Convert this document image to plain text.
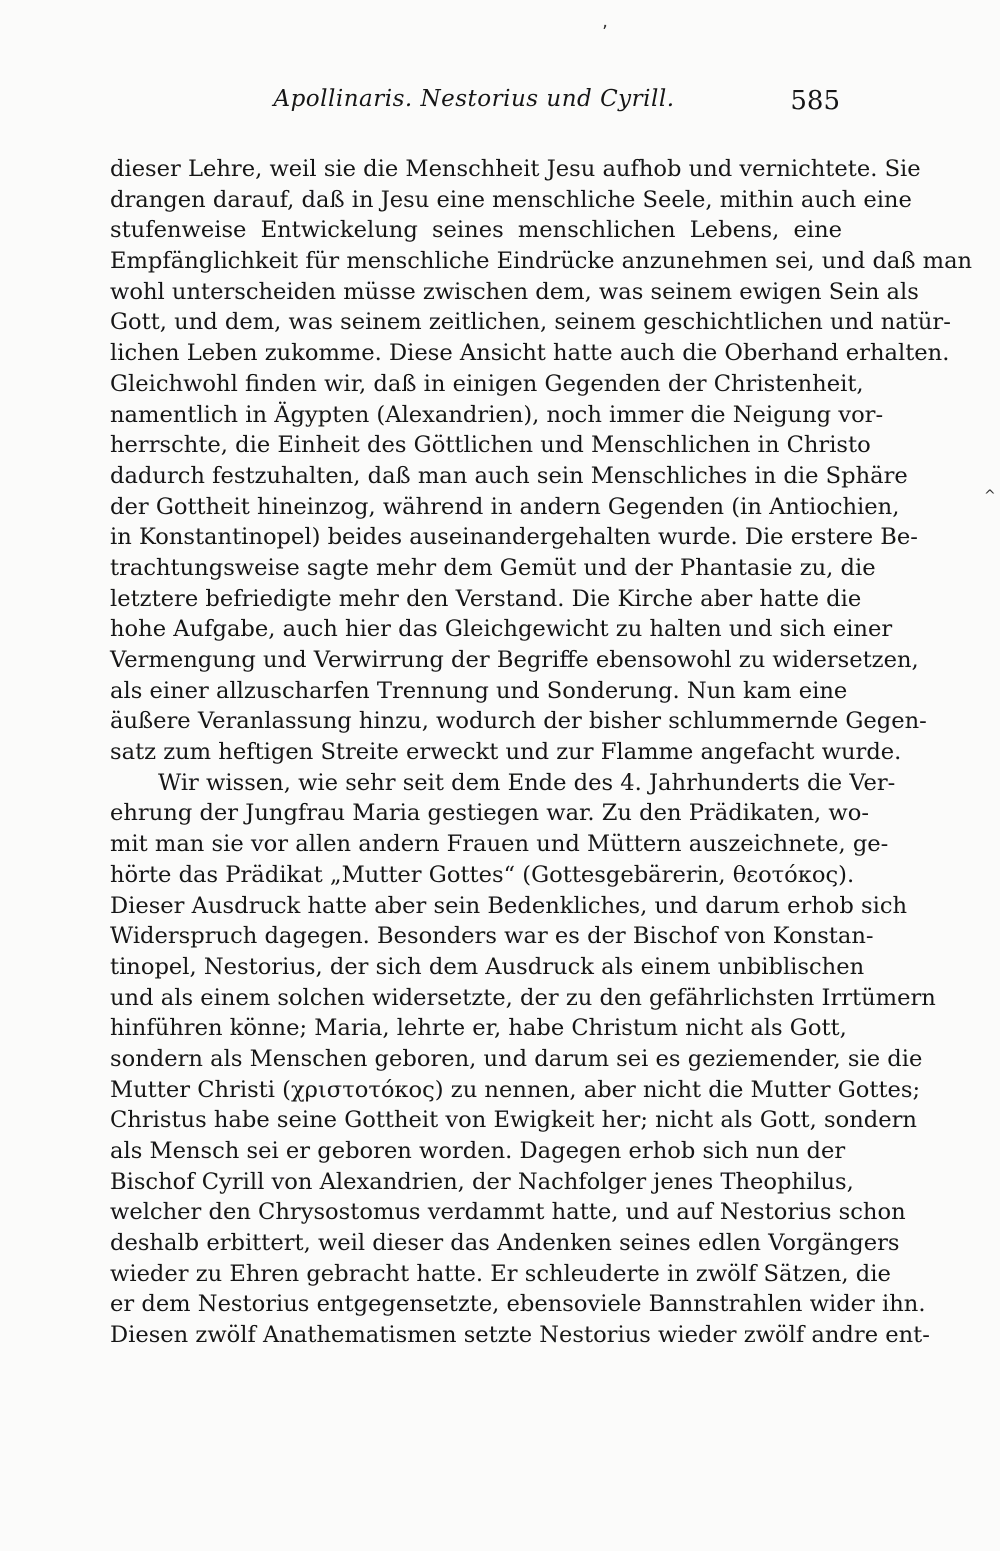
ʼ
Apollinaris. Nestorius und Cyrill.	585
dieser Lehre, weil sie die Menschheit Jesu aufhob und vernichtete. Sie
drangen darauf, daß in Jesu eine menschliche Seele, mithin auch eine
stufenweise Entwickelung seines menschlichen Lebens, eine
Empfänglichkeit für menschliche Eindrücke anzunehmen sei, und daß man
wohl unterscheiden müsse zwischen dem, was seinem ewigen Sein als
Gott, und dem, was seinem zeitlichen, seinem geschichtlichen und natür-
lichen Leben zukomme. Diese Ansicht hatte auch die Oberhand erhalten.
Gleichwohl finden wir, daß in einigen Gegenden der Christenheit,
namentlich in Ägypten (Alexandrien), noch immer die Neigung vor-
herrschte, die Einheit des Göttlichen und Menschlichen in Christo
dadurch festzuhalten, daß man auch sein Menschliches in die Sphäre
der Gottheit hineinzog, während in andern Gegenden (in Antiochien,
in Konstantinopel) beides auseinandergehalten wurde. Die erstere Be-
trachtungsweise sagte mehr dem Gemüt und der Phantasie zu, die
letztere befriedigte mehr den Verstand. Die Kirche aber hatte die
hohe Aufgabe, auch hier das Gleichgewicht zu halten und sich einer
Vermengung und Verwirrung der Begriffe ebensowohl zu widersetzen,
als einer allzuscharfen Trennung und Sonderung. Nun kam eine
äußere Veranlassung hinzu, wodurch der bisher schlummernde Gegen-
satz zum heftigen Streite erweckt und zur Flamme angefacht wurde.
Wir wissen, wie sehr seit dem Ende des 4. Jahrhunderts die Ver-
ehrung der Jungfrau Maria gestiegen war. Zu den Prädikaten, wo-
mit man sie vor allen andern Frauen und Müttern auszeichnete, ge-
hörte das Prädikat „Mutter Gottes“ (Gottesgebärerin, θεοτόκος).
Dieser Ausdruck hatte aber sein Bedenkliches, und darum erhob sich
Widerspruch dagegen. Besonders war es der Bischof von Konstan-
tinopel, Nestorius, der sich dem Ausdruck als einem unbiblischen
und als einem solchen widersetzte, der zu den gefährlichsten Irrtümern
hinführen könne; Maria, lehrte er, habe Christum nicht als Gott,
sondern als Menschen geboren, und darum sei es geziemender, sie die
Mutter Christi (χριστοτόκος) zu nennen, aber nicht die Mutter Gottes;
Christus habe seine Gottheit von Ewigkeit her; nicht als Gott, sondern
als Mensch sei er geboren worden. Dagegen erhob sich nun der
Bischof Cyrill von Alexandrien, der Nachfolger jenes Theophilus,
welcher den Chrysostomus verdammt hatte, und auf Nestorius schon
deshalb erbittert, weil dieser das Andenken seines edlen Vorgängers
wieder zu Ehren gebracht hatte. Er schleuderte in zwölf Sätzen, die
er dem Nestorius entgegensetzte, ebensoviele Bannstrahlen wider ihn.
Diesen zwölf Anathematismen setzte Nestorius wieder zwölf andre ent-
^
